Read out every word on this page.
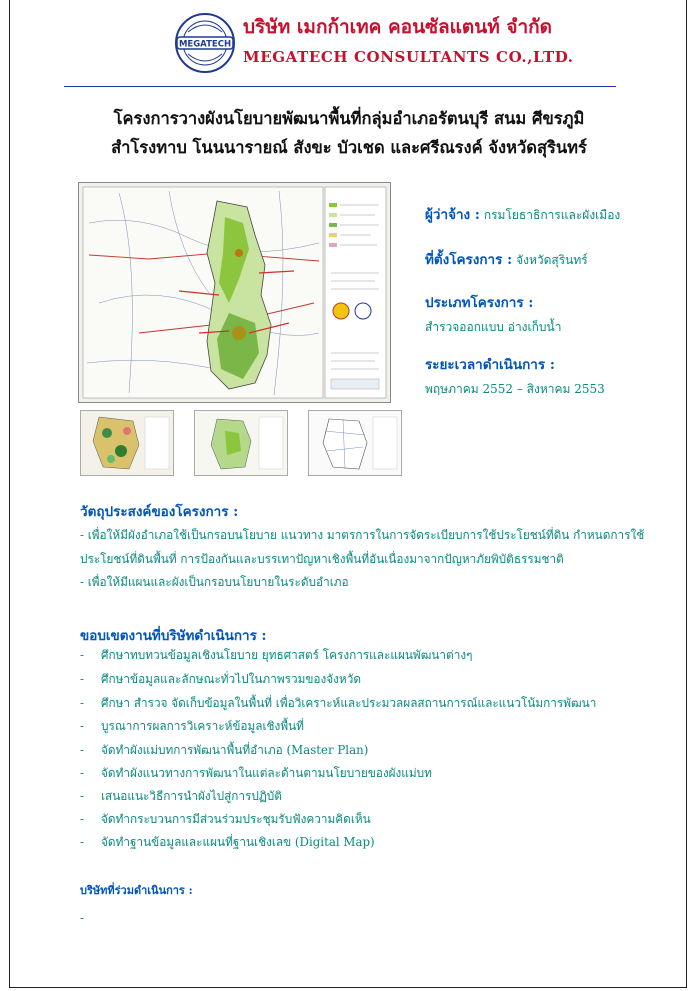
MEGATECH
บริษัท เมกก้าเทค คอนซัลแตนท์ จำกัด
MEGATECH CONSULTANTS CO.,LTD.
โครงการวางผังนโยบายพัฒนาพื้นที่กลุ่มอำเภอรัตนบุรี สนม ศีขรภูมิ
สำโรงทาบ โนนนารายณ์ สังขะ บัวเชด และศรีณรงค์ จังหวัดสุรินทร์
ผู้ว่าจ้าง : กรมโยธาธิการและผังเมือง
ที่ตั้งโครงการ : จังหวัดสุรินทร์
ประเภทโครงการ :
สำรวจออกแบบ อ่างเก็บน้ำ
ระยะเวลาดำเนินการ :
พฤษภาคม 2552 – สิงหาคม 2553
วัตถุประสงค์ของโครงการ :
- เพื่อให้มีผังอำเภอใช้เป็นกรอบนโยบาย แนวทาง มาตรการในการจัดระเบียบการใช้ประโยชน์ที่ดิน กำหนดการใช้
ประโยชน์ที่ดินพื้นที่ การป้องกันและบรรเทาปัญหาเชิงพื้นที่อันเนื่องมาจากปัญหาภัยพิบัติธรรมชาติ
- เพื่อให้มีแผนและผังเป็นกรอบนโยบายในระดับอำเภอ
ขอบเขตงานที่บริษัทดำเนินการ :
- ศึกษาทบทวนข้อมูลเชิงนโยบาย ยุทธศาสตร์ โครงการและแผนพัฒนาต่างๆ
- ศึกษาข้อมูลและลักษณะทั่วไปในภาพรวมของจังหวัด
- ศึกษา สำรวจ จัดเก็บข้อมูลในพื้นที่ เพื่อวิเคราะห์และประมวลผลสถานการณ์และแนวโน้มการพัฒนา
- บูรณาการผลการวิเคราะห์ข้อมูลเชิงพื้นที่
- จัดทำผังแม่บทการพัฒนาพื้นที่อำเภอ (Master Plan)
- จัดทำผังแนวทางการพัฒนาในแต่ละด้านตามนโยบายของผังแม่บท
- เสนอแนะวิธีการนำผังไปสู่การปฏิบัติ
- จัดทำกระบวนการมีส่วนร่วมประชุมรับฟังความคิดเห็น
- จัดทำฐานข้อมูลและแผนที่ฐานเชิงเลข (Digital Map)
บริษัทที่ร่วมดำเนินการ :
-
